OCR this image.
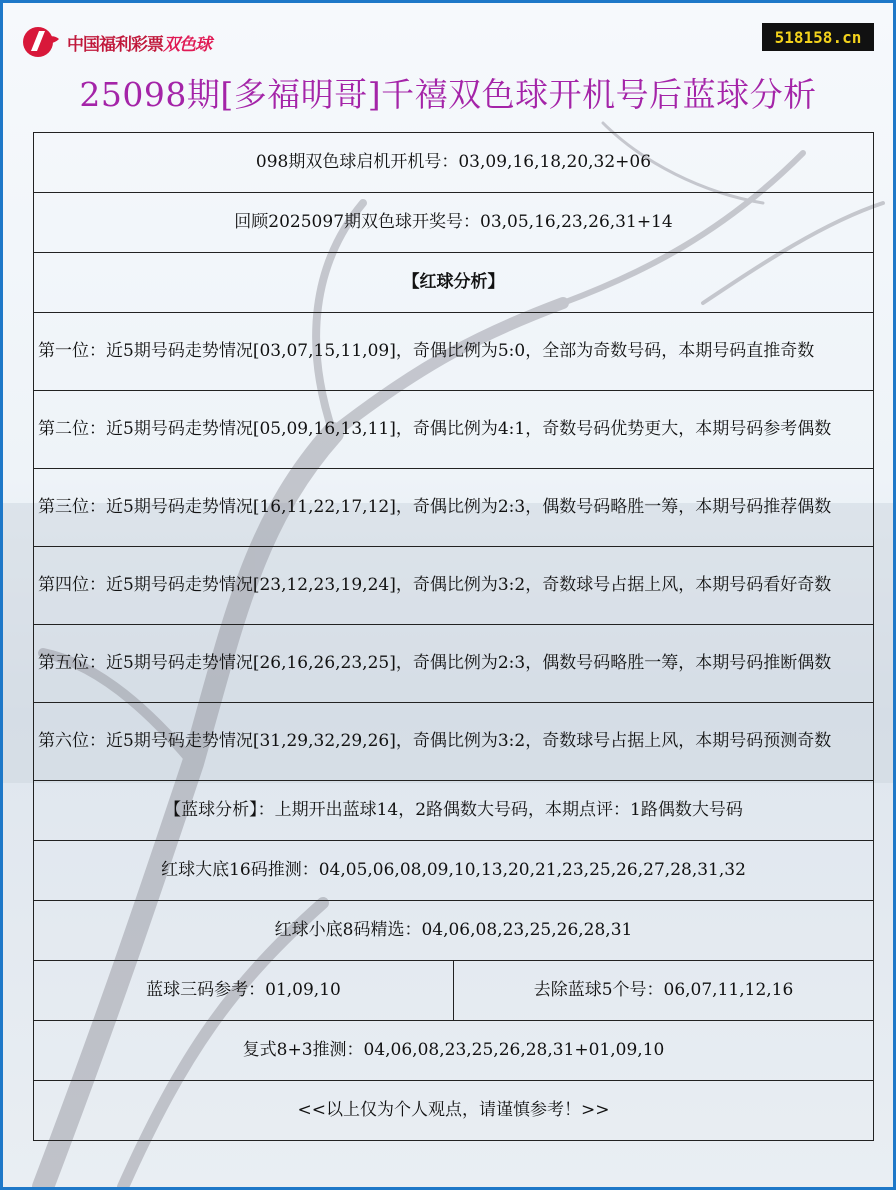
中国福利彩票 双色球	518158.cn
25098期[多福明哥]千禧双色球开机号后蓝球分析
098期双色球启机开机号：03,09,16,18,20,32+06
回顾2025097期双色球开奖号：03,05,16,23,26,31+14
【红球分析】
第一位：近5期号码走势情况[03,07,15,11,09]，奇偶比例为5:0，全部为奇数号码，本期号码直推奇数
第二位：近5期号码走势情况[05,09,16,13,11]，奇偶比例为4:1，奇数号码优势更大，本期号码参考偶数
第三位：近5期号码走势情况[16,11,22,17,12]，奇偶比例为2:3，偶数号码略胜一筹，本期号码推荐偶数
第四位：近5期号码走势情况[23,12,23,19,24]，奇偶比例为3:2，奇数球号占据上风，本期号码看好奇数
第五位：近5期号码走势情况[26,16,26,23,25]，奇偶比例为2:3，偶数号码略胜一筹，本期号码推断偶数
第六位：近5期号码走势情况[31,29,32,29,26]，奇偶比例为3:2，奇数球号占据上风，本期号码预测奇数
【蓝球分析】：上期开出蓝球14，2路偶数大号码，本期点评：1路偶数大号码
红球大底16码推测：04,05,06,08,09,10,13,20,21,23,25,26,27,28,31,32
红球小底8码精选：04,06,08,23,25,26,28,31
蓝球三码参考：01,09,10	去除蓝球5个号：06,07,11,12,16
复式8+3推测：04,06,08,23,25,26,28,31+01,09,10
<<以上仅为个人观点，请谨慎参考！>>
